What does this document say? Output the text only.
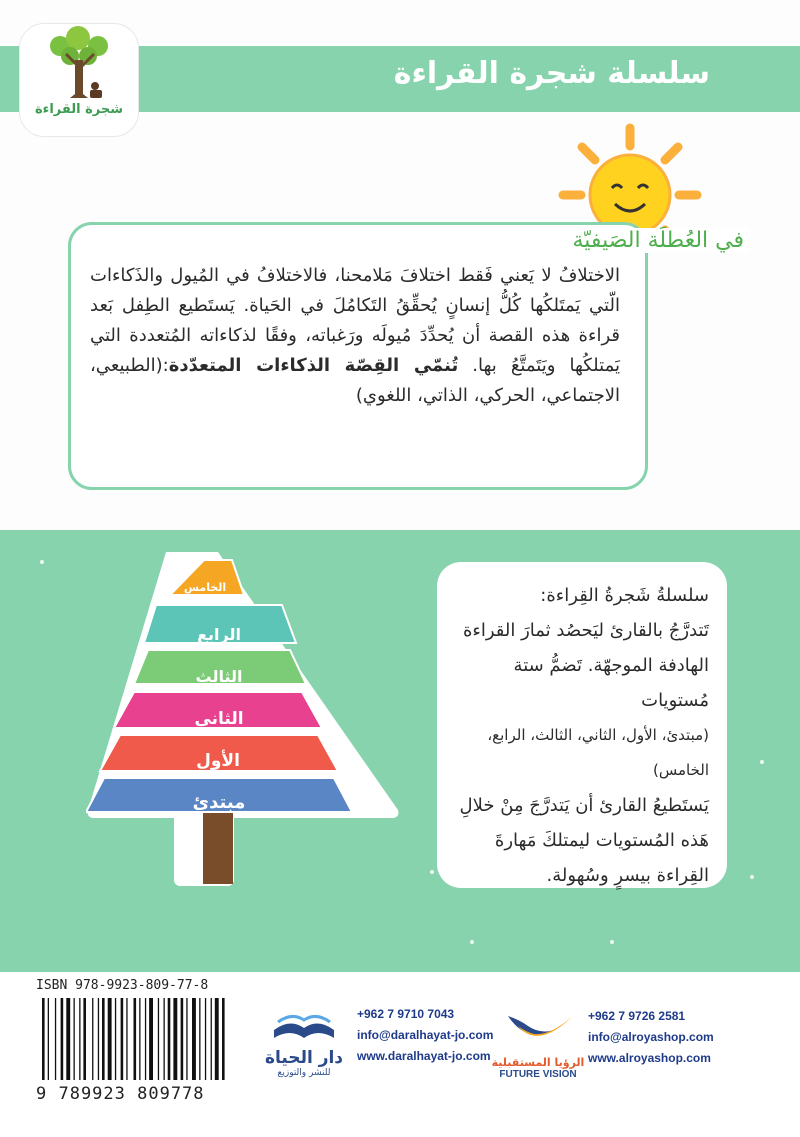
سلسلة شجرة القراءة
شجرة القراءة
الاختلافُ لا يَعني فَقط اختلافَ مَلامحنا، فالاختلافُ في المُيول والذَكاءات الّتي يَمتَلكُها كُلُّ إنسانٍ يُحقِّقُ التَكامُلَ في الحَياة. يَستَطيع الطِفل بَعد قراءة هذه القصة أن يُحدِّدَ مُيولَه ورَغباته، وفقًا لذكاءاته المُتعددة التي يَمتلكُها ويَتَمتَّعُ بها. تُنمّي القِصّة الذكاءات المتعدّدة:(الطبيعي، الاجتماعي، الحركي، الذاتي، اللغوي)
في العُطلَة الصَيفيّة
الخامس
الرابع
الثالث
الثاني
الأول
مبتدئ
سلسلةُ شَجرةُ القِراءة:
تَتدرَّجُ بالقارئ ليَحصُد ثمارَ القراءة الهادفة الموجهّة. تَضمُّ ستة مُستويات
(مبتدئ، الأول، الثاني، الثالث، الرابع، الخامس)
يَستَطيعُ القارئ أن يَتدرَّجَ مِنْ خلالِ هَذه المُستويات ليمتلكَ مَهارةَ القِراءة بيسرٍ وسُهولة.
ISBN 978-9923-809-77-8
9 789923 809778
دار الحياة
للنشر والتوزيع
+962 7 9710 7043
info@daralhayat-jo.com
www.daralhayat-jo.com الرؤيا المستقبلية
FUTURE VISION
+962 7 9726 2581
info@alroyashop.com
www.alroyashop.com
